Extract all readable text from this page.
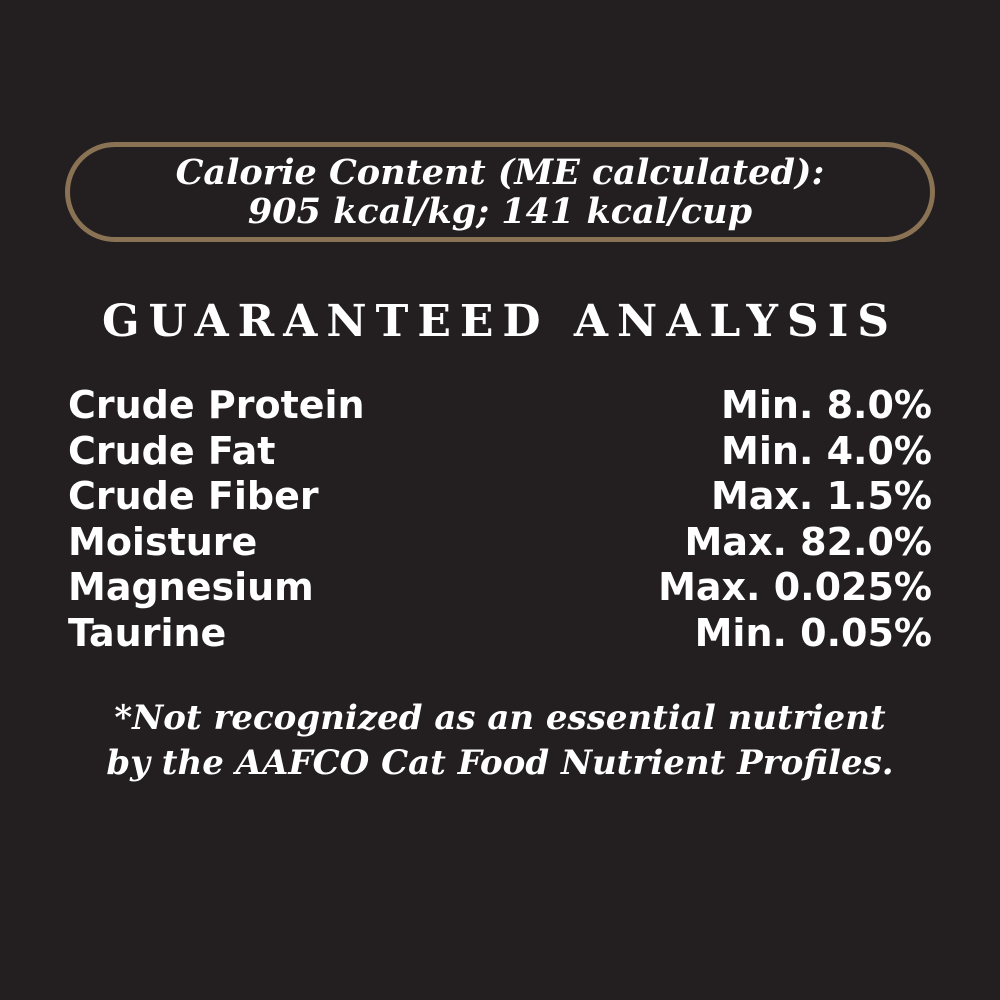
Calorie Content (ME calculated):
905 kcal/kg; 141 kcal/cup
GUARANTEED ANALYSIS
Crude Protein	Min. 8.0%
Crude Fat	Min. 4.0%
Crude Fiber	Max. 1.5%
Moisture	Max. 82.0%
Magnesium	Max. 0.025%
Taurine	Min. 0.05%
*Not recognized as an essential nutrient
by the AAFCO Cat Food Nutrient Profiles.
